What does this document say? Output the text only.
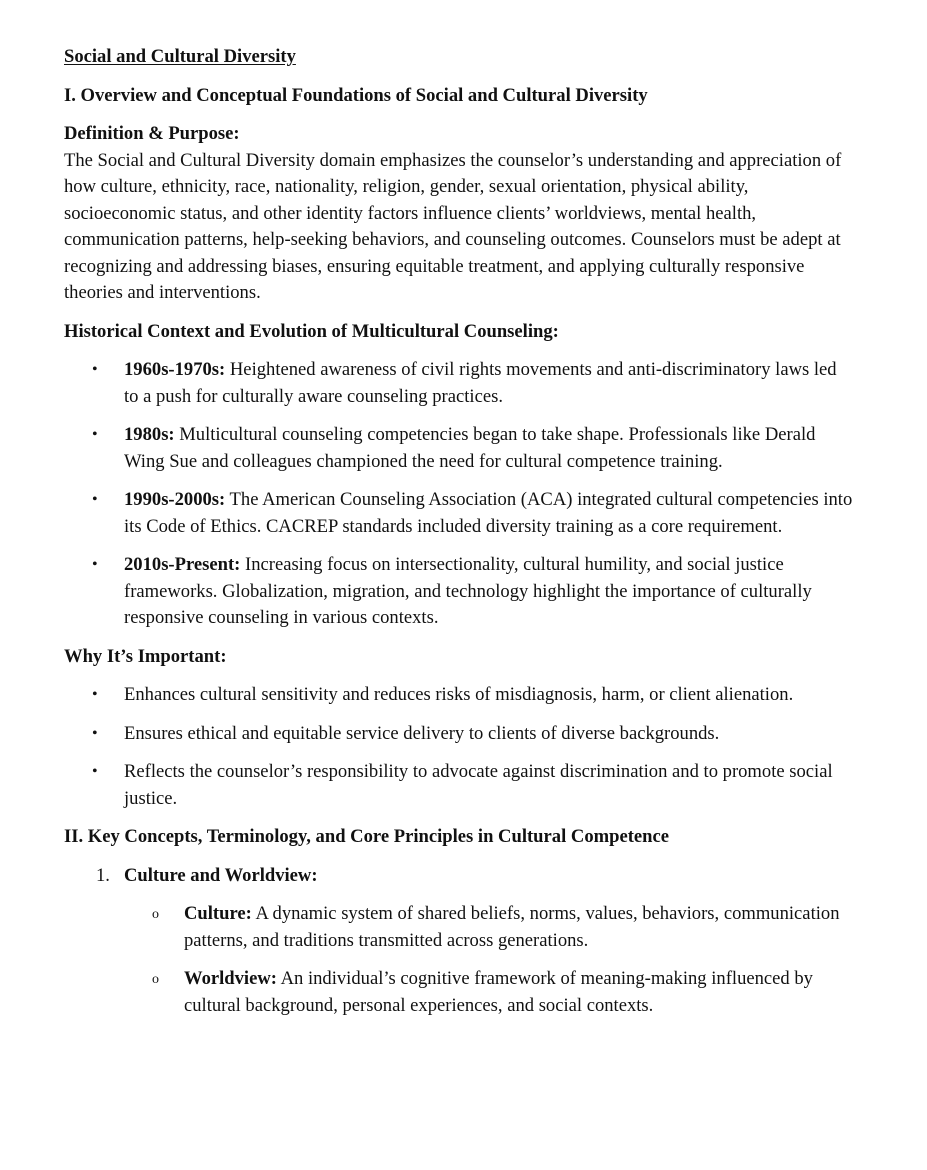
Social and Cultural Diversity
I. Overview and Conceptual Foundations of Social and Cultural Diversity
Definition & Purpose:

The Social and Cultural Diversity domain emphasizes the counselor’s understanding and appreciation of how culture, ethnicity, race, nationality, religion, gender, sexual orientation, physical ability, socioeconomic status, and other identity factors influence clients’ worldviews, mental health, communication patterns, help-seeking behaviors, and counseling outcomes. Counselors must be adept at recognizing and addressing biases, ensuring equitable treatment, and applying culturally responsive theories and interventions.

Historical Context and Evolution of Multicultural Counseling:
• 1960s-1970s: Heightened awareness of civil rights movements and anti-discriminatory laws led to a push for culturally aware counseling practices.
• 1980s: Multicultural counseling competencies began to take shape. Professionals like Derald Wing Sue and colleagues championed the need for cultural competence training.
• 1990s-2000s: The American Counseling Association (ACA) integrated cultural competencies into its Code of Ethics. CACREP standards included diversity training as a core requirement.
• 2010s-Present: Increasing focus on intersectionality, cultural humility, and social justice frameworks. Globalization, migration, and technology highlight the importance of culturally responsive counseling in various contexts.
Why It’s Important:
• Enhances cultural sensitivity and reduces risks of misdiagnosis, harm, or client alienation.
• Ensures ethical and equitable service delivery to clients of diverse backgrounds.
• Reflects the counselor’s responsibility to advocate against discrimination and to promote social justice.
II. Key Concepts, Terminology, and Core Principles in Cultural Competence
1. Culture and Worldview:
o Culture: A dynamic system of shared beliefs, norms, values, behaviors, communication patterns, and traditions transmitted across generations.
o Worldview: An individual’s cognitive framework of meaning-making influenced by cultural background, personal experiences, and social contexts.
